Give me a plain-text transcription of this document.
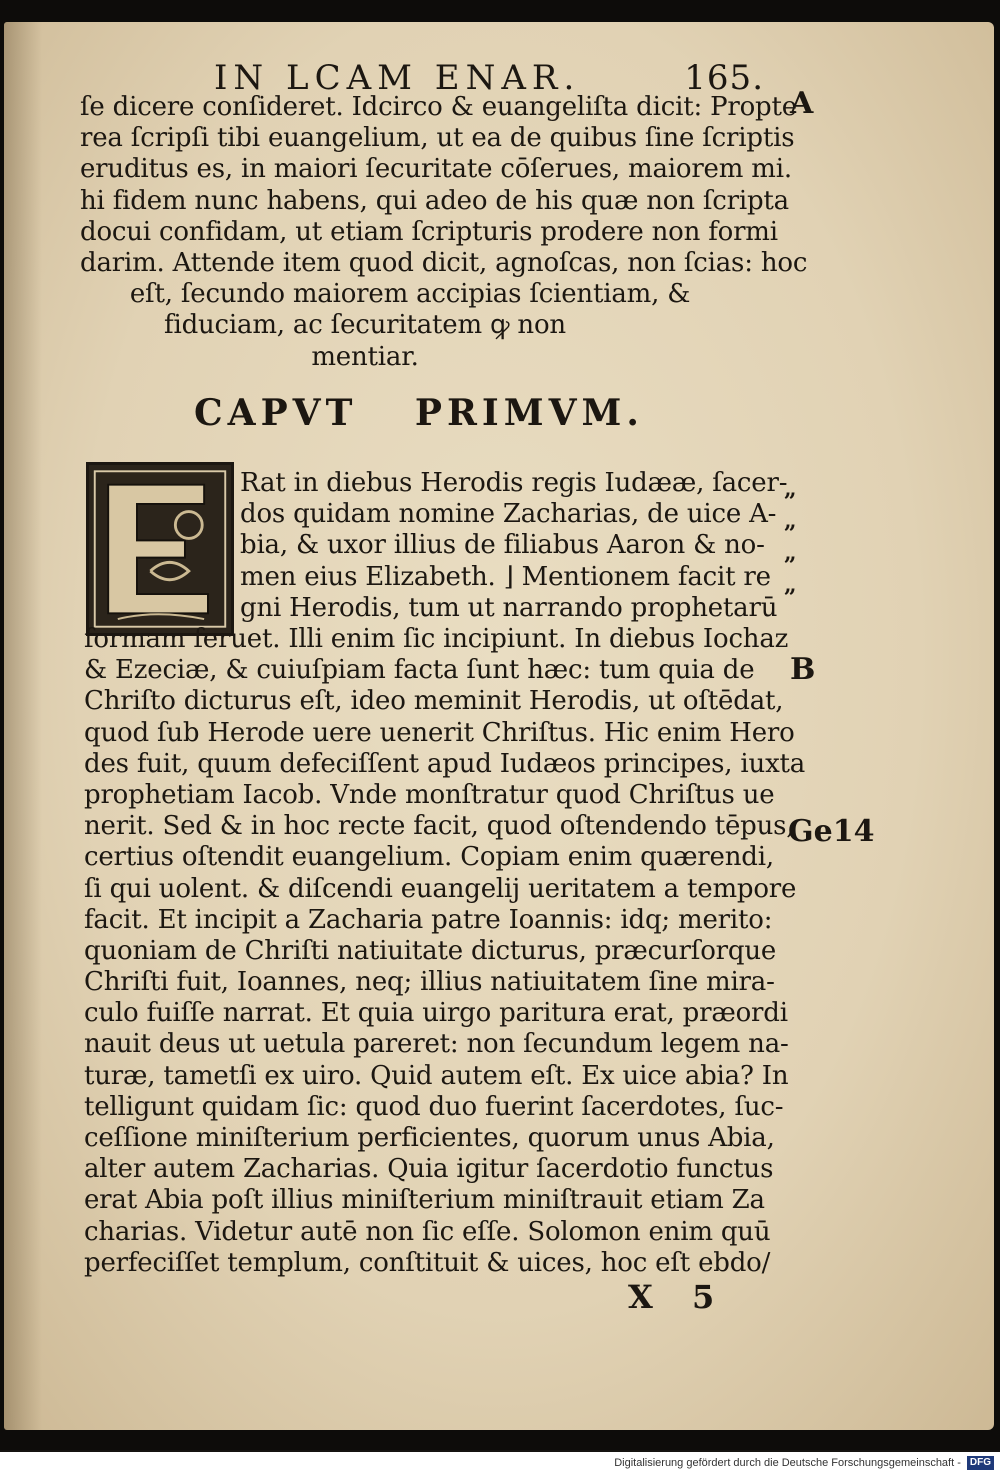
IN LCAM ENAR.	165.
ſe dicere conſideret. Idcirco & euangeliſta dicit: Propte
rea ſcripſi tibi euangelium, ut ea de quibus ſine ſcriptis
eruditus es, in maiori ſecuritate cōſerues, maiorem mi.
hi fidem nunc habens, qui adeo de his quæ non ſcripta
docui confidam, ut etiam ſcripturis prodere non formi
darim. Attende item quod dicit, agnoſcas, non ſcias: hoc
eſt, ſecundo maiorem accipias ſcientiam, &
fiduciam, ac ſecuritatem ꝙ non
mentiar.
CAPVT PRIMVM.
Rat in diebus Herodis regis Iudææ, ſacer-
dos quidam nomine Zacharias, de uice A-
bia, & uxor illius de filiabus Aaron & no-
men eius Elizabeth. ⌋ Mentionem facit re
gni Herodis, tum ut narrando prophetarū
formam ſeruet. Illi enim ſic incipiunt. In diebus Iochaz
& Ezeciæ, & cuiuſpiam facta ſunt hæc: tum quia de
Chriſto dicturus eſt, ideo meminit Herodis, ut oſtēdat,
quod ſub Herode uere uenerit Chriſtus. Hic enim Hero
des fuit, quum defeciſſent apud Iudæos principes, iuxta
prophetiam Iacob. Vnde monſtratur quod Chriſtus ue
nerit. Sed & in hoc recte facit, quod oſtendendo tēpus,
certius oſtendit euangelium. Copiam enim quærendi,
ſi qui uolent. & diſcendi euangelij ueritatem a tempore
facit. Et incipit a Zacharia patre Ioannis: idq; merito:
quoniam de Chriſti natiuitate dicturus, præcurſorque
Chriſti fuit, Ioannes, neq; illius natiuitatem ſine mira-
culo fuiſſe narrat. Et quia uirgo paritura erat, præordi
nauit deus ut uetula pareret: non ſecundum legem na-
turæ, tametſi ex uiro. Quid autem eſt. Ex uice abia? In
telligunt quidam ſic: quod duo fuerint ſacerdotes, ſuc-
ceſſione miniſterium perficientes, quorum unus Abia,
alter autem Zacharias. Quia igitur ſacerdotio functus
erat Abia poſt illius miniſterium miniſtrauit etiam Za
charias. Videtur autē non ſic eſſe. Solomon enim quū
perfeciſſet templum, conſtituit & uices, hoc eſt ebdo/
A
B
Ge14
„
„
„
„
X 5
Digitalisierung gefördert durch die Deutsche Forschungsgemeinschaft - DFG
